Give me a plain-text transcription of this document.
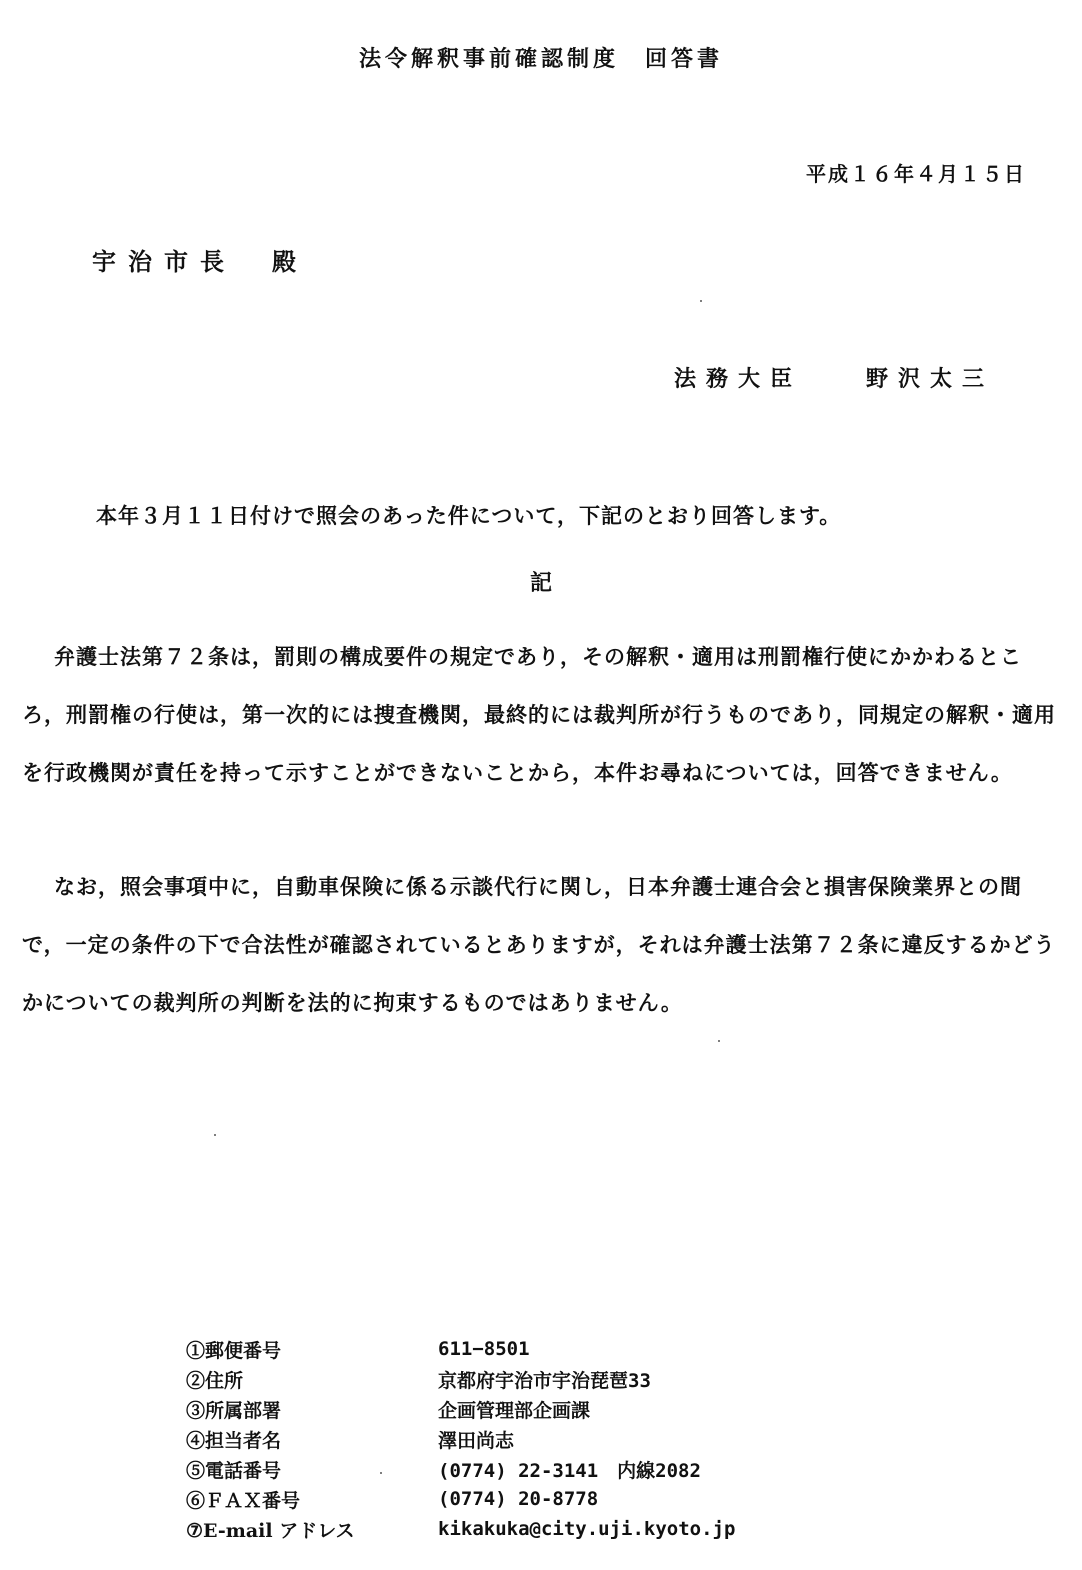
法令解釈事前確認制度　回答書
平成１６年４月１５日
宇治市長　殿
法務大臣　　野沢太三
本年３月１１日付けで照会のあった件について，下記のとおり回答します。
記

弁護士法第７２条は，罰則の構成要件の規定であり，その解釈・適用は刑罰権行使にかかわるところ，刑罰権の行使は，第一次的には捜査機関，最終的には裁判所が行うものであり，同規定の解釈・適用を行政機関が責任を持って示すことができないことから，本件お尋ねについては，回答できません。

なお，照会事項中に，自動車保険に係る示談代行に関し，日本弁護士連合会と損害保険業界との間で，一定の条件の下で合法性が確認されているとありますが，それは弁護士法第７２条に違反するかどうかについての裁判所の判断を法的に拘束するものではありません。

①郵便番号	611−8501
②住所	京都府宇治市宇治琵琶33
③所属部署	企画管理部企画課
④担当者名	澤田尚志
⑤電話番号	(0774) 22-3141　内線2082
⑥ＦＡＸ番号	(0774) 20-8778
⑦E-mail アドレス	kikakuka@city.uji.kyoto.jp
